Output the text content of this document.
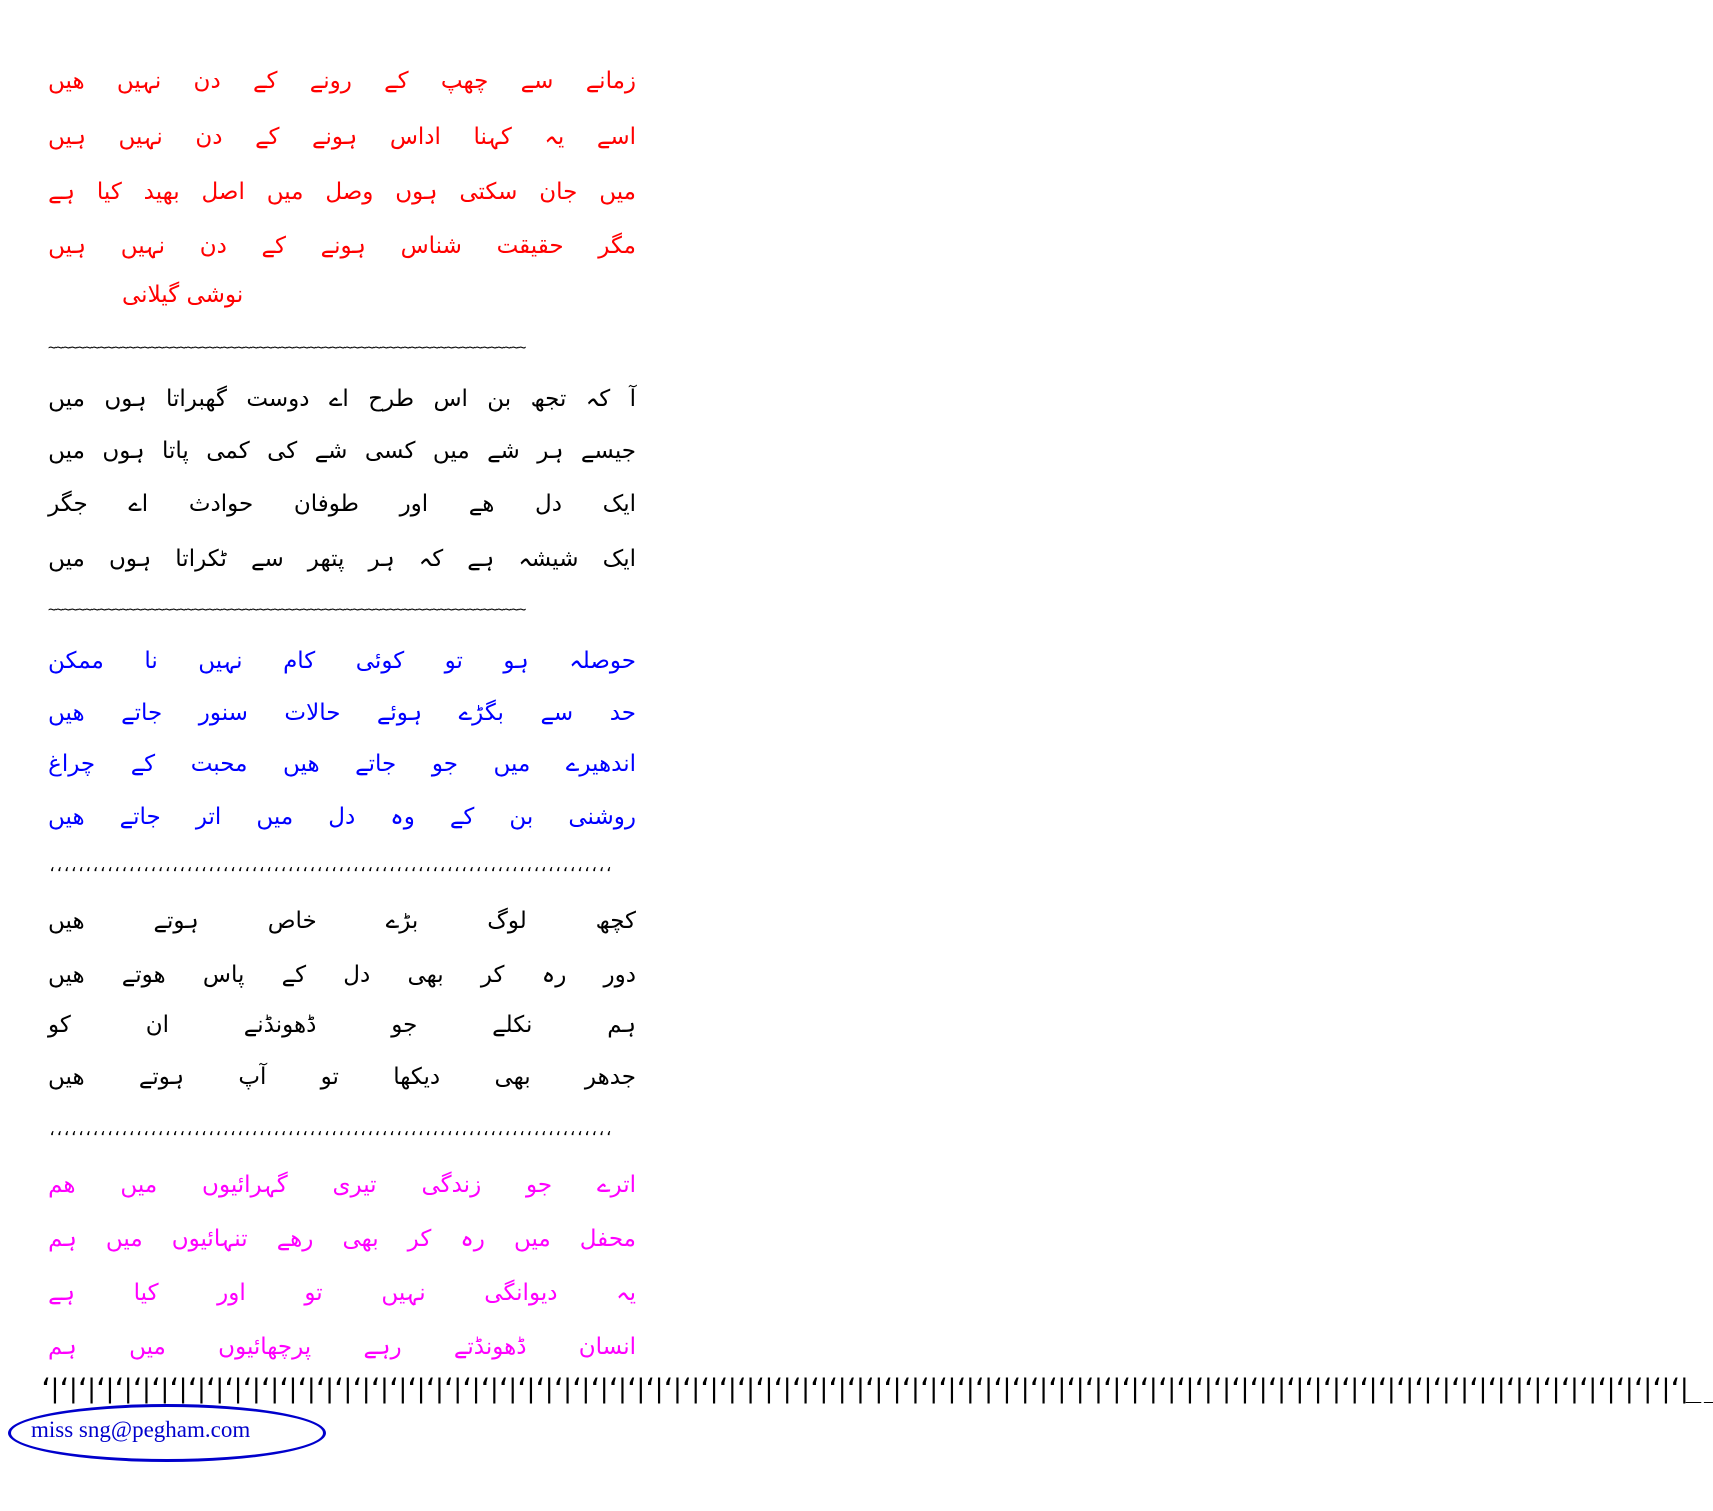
زمانے
سے
چھپ
کے
رونے
کے
دن
نہیں
ھیں
اسے
یہ
کہنا
اداس
ہونے
کے
دن
نہیں
ہیں
میں
جان
سکتی
ہوں
وصل
میں
اصل
بھید
کیا
ہے
مگر
حقیقت
شناس
ہونے
کے
دن
نہیں
ہیں
نوشی گیلانی
آ
کہ
تجھ
بن
اس
طرح
اے
دوست
گھبراتا
ہوں
میں
جیسے
ہر
شے
میں
کسی
شے
کی
کمی
پاتا
ہوں
میں
ایک
دل
ھے
اور
طوفان
حوادث
اے
جگر
ایک
شیشہ
ہے
کہ
ہر
پتھر
سے
ٹکراتا
ہوں
میں
حوصلہ
ہو
تو
کوئی
کام
نہیں
نا
ممکن
حد
سے
بگڑے
ہوئے
حالات
سنور
جاتے
ھیں
اندھیرے
میں
جو
جاتے
ھیں
محبت
کے
چراغ
روشنی
بن
کے
وہ
دل
میں
اتر
جاتے
ھیں
کچھ
لوگ
بڑے
خاص
ہوتے
ھیں
دور
رہ
کر
بھی
دل
کے
پاس
ھوتے
ھیں
ہم
نکلے
جو
ڈھونڈنے
ان
کو
جدھر
بھی
دیکھا
تو
آپ
ہوتے
ھیں
اترے
جو
زندگی
تیری
گہرائیوں
میں
ھم
محفل
میں
رہ
کر
بھی
رھے
تنہائیوں
میں
ہم
یہ
دیوانگی
نہیں
تو
اور
کیا
ہے
انسان
ڈھونڈتے
رہے
پرچھائیوں
میں
ہم
~~~~~~~~~~~~~~~~~~~~~~~~~~~~~~~~~~~~~~~~~~~~~~~~~~~~~~~~~~~~~~~~~~
~~~~~~~~~~~~~~~~~~~~~~~~~~~~~~~~~~~~~~~~~~~~~~~~~~~~~~~~~~~~~~~~~~
‘‘‘‘‘‘‘‘‘‘‘‘‘‘‘‘‘‘‘‘‘‘‘‘‘‘‘‘‘‘‘‘‘‘‘‘‘‘‘‘‘‘‘‘‘‘‘‘‘‘‘‘‘‘‘‘‘‘‘‘‘‘‘‘‘‘‘‘‘‘‘‘‘‘‘‘‘‘
‘‘‘‘‘‘‘‘‘‘‘‘‘‘‘‘‘‘‘‘‘‘‘‘‘‘‘‘‘‘‘‘‘‘‘‘‘‘‘‘‘‘‘‘‘‘‘‘‘‘‘‘‘‘‘‘‘‘‘‘‘‘‘‘‘‘‘‘‘‘‘‘‘‘‘‘‘‘
‘|‘|‘|‘|‘|‘|‘|‘|‘|‘|‘|‘|‘|‘|‘|‘|‘|‘|‘|‘|‘|‘|‘|‘|‘|‘|‘|‘|‘|‘|‘|‘|‘|‘|‘|‘|‘|‘|‘|‘|‘|‘|‘|‘|‘|‘|‘|‘|‘|‘|‘|‘|‘|‘|‘|‘|‘|‘|‘|‘|‘|‘|‘|‘|‘|‘|‘|‘|‘|‘|‘|‘|‘|‘|‘|‘|‘|‘|‘|‘|‘|‘|‘|‘|‘|‘|‘|‘|‘|‘|_ _
miss sng@pegham.com
